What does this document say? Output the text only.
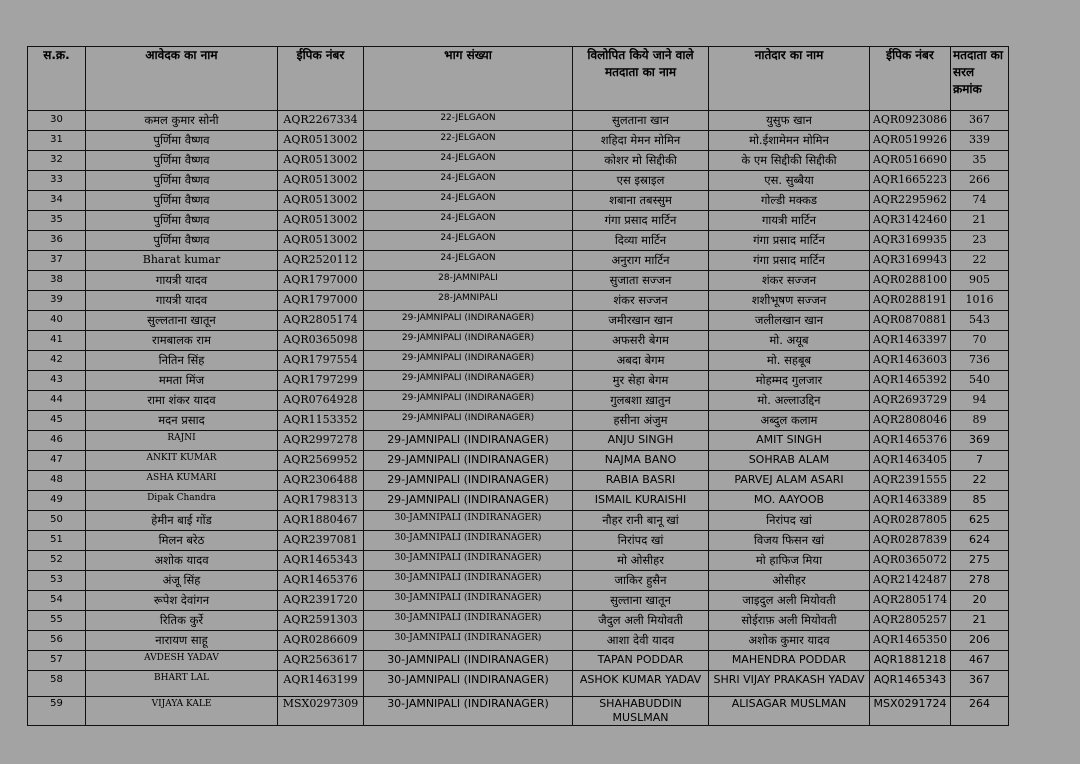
स.क्र.	आवेदक का नाम	ईपिक नंबर	भाग संख्या	विलोपित किये जाने वाले मतदाता का नाम	नातेदार का नाम	ईपिक नंबर	मतदाता का सरल क्रमांक
30	कमल कुमार सोनी	AQR2267334	22-JELGAON	सुलताना खान	युसुफ खान	AQR0923086	367
31	पुर्णिमा वैष्णव	AQR0513002	22-JELGAON	शहिदा मेमन मोमिन	मो.ईशामेमन मोमिन	AQR0519926	339
32	पुर्णिमा वैष्णव	AQR0513002	24-JELGAON	कोशर मो सिद्दीकी	के एम सिद्दीकी सिद्दीकी	AQR0516690	35
33	पुर्णिमा वैष्णव	AQR0513002	24-JELGAON	एस इस्राइल	एस. सुब्बैया	AQR1665223	266
34	पुर्णिमा वैष्णव	AQR0513002	24-JELGAON	शबाना तबस्सुम	गोल्डी मक्कड	AQR2295962	74
35	पुर्णिमा वैष्णव	AQR0513002	24-JELGAON	गंगा प्रसाद मार्टिन	गायत्री मार्टिन	AQR3142460	21
36	पुर्णिमा वैष्णव	AQR0513002	24-JELGAON	दिव्या मार्टिन	गंगा प्रसाद मार्टिन	AQR3169935	23
37	Bharat kumar	AQR2520112	24-JELGAON	अनुराग मार्टिन	गंगा प्रसाद मार्टिन	AQR3169943	22
38	गायत्री यादव	AQR1797000	28-JAMNIPALI	सुजाता सज्जन	शंकर सज्जन	AQR0288100	905
39	गायत्री यादव	AQR1797000	28-JAMNIPALI	शंकर सज्जन	शशीभूषण सज्जन	AQR0288191	1016
40	सुल्लताना खातून	AQR2805174	29-JAMNIPALI (INDIRANAGER)	जमीरखान खान	जलीलखान खान	AQR0870881	543
41	रामबालक राम	AQR0365098	29-JAMNIPALI (INDIRANAGER)	अफसरी बेगम	मो. अयूब	AQR1463397	70
42	नितिन सिंह	AQR1797554	29-JAMNIPALI (INDIRANAGER)	अबदा बेगम	मो. सहबूब	AQR1463603	736
43	ममता मिंज	AQR1797299	29-JAMNIPALI (INDIRANAGER)	मुर सेहा बेगम	मोहम्मद गुलजार	AQR1465392	540
44	रामा शंकर यादव	AQR0764928	29-JAMNIPALI (INDIRANAGER)	गुलबशा ख़ातुन	मो. अल्लाउद्दिन	AQR2693729	94
45	मदन प्रसाद	AQR1153352	29-JAMNIPALI (INDIRANAGER)	हसीना अंजुम	अब्दुल कलाम	AQR2808046	89
46	RAJNI	AQR2997278	29-JAMNIPALI (INDIRANAGER)	ANJU SINGH	AMIT SINGH	AQR1465376	369
47	ANKIT KUMAR	AQR2569952	29-JAMNIPALI (INDIRANAGER)	NAJMA BANO	SOHRAB ALAM	AQR1463405	7
48	ASHA KUMARI	AQR2306488	29-JAMNIPALI (INDIRANAGER)	RABIA BASRI	PARVEJ ALAM ASARI	AQR2391555	22
49	Dipak Chandra	AQR1798313	29-JAMNIPALI (INDIRANAGER)	ISMAIL KURAISHI	MO. AAYOOB	AQR1463389	85
50	हेमीन बाई गोंड	AQR1880467	30-JAMNIPALI (INDIRANAGER)	नौहर रानी बानू खां	निरांपद खां	AQR0287805	625
51	मिलन बरेठ	AQR2397081	30-JAMNIPALI (INDIRANAGER)	निरांपद खां	विजय फिसन खां	AQR0287839	624
52	अशोक यादव	AQR1465343	30-JAMNIPALI (INDIRANAGER)	मो ओसीहर	मो हाफिज मिया	AQR0365072	275
53	अंजू सिंह	AQR1465376	30-JAMNIPALI (INDIRANAGER)	जाकिर हुसैन	ओसीहर	AQR2142487	278
54	रूपेश देवांगन	AQR2391720	30-JAMNIPALI (INDIRANAGER)	सुल्ताना खातून	जाइदुल अली मियोवती	AQR2805174	20
55	रितिक कुर्रे	AQR2591303	30-JAMNIPALI (INDIRANAGER)	जैदुल अली मियोवती	सोईराफ़ अली मियोवती	AQR2805257	21
56	नारायण साहू	AQR0286609	30-JAMNIPALI (INDIRANAGER)	आशा देवी यादव	अशोक कुमार यादव	AQR1465350	206
57	AVDESH YADAV	AQR2563617	30-JAMNIPALI (INDIRANAGER)	TAPAN PODDAR	MAHENDRA PODDAR	AQR1881218	467
58	BHART LAL	AQR1463199	30-JAMNIPALI (INDIRANAGER)	ASHOK KUMAR YADAV	SHRI VIJAY PRAKASH YADAV	AQR1465343	367
59	VIJAYA KALE	MSX0297309	30-JAMNIPALI (INDIRANAGER)	SHAHABUDDIN MUSLMAN	ALISAGAR MUSLMAN	MSX0291724	264
